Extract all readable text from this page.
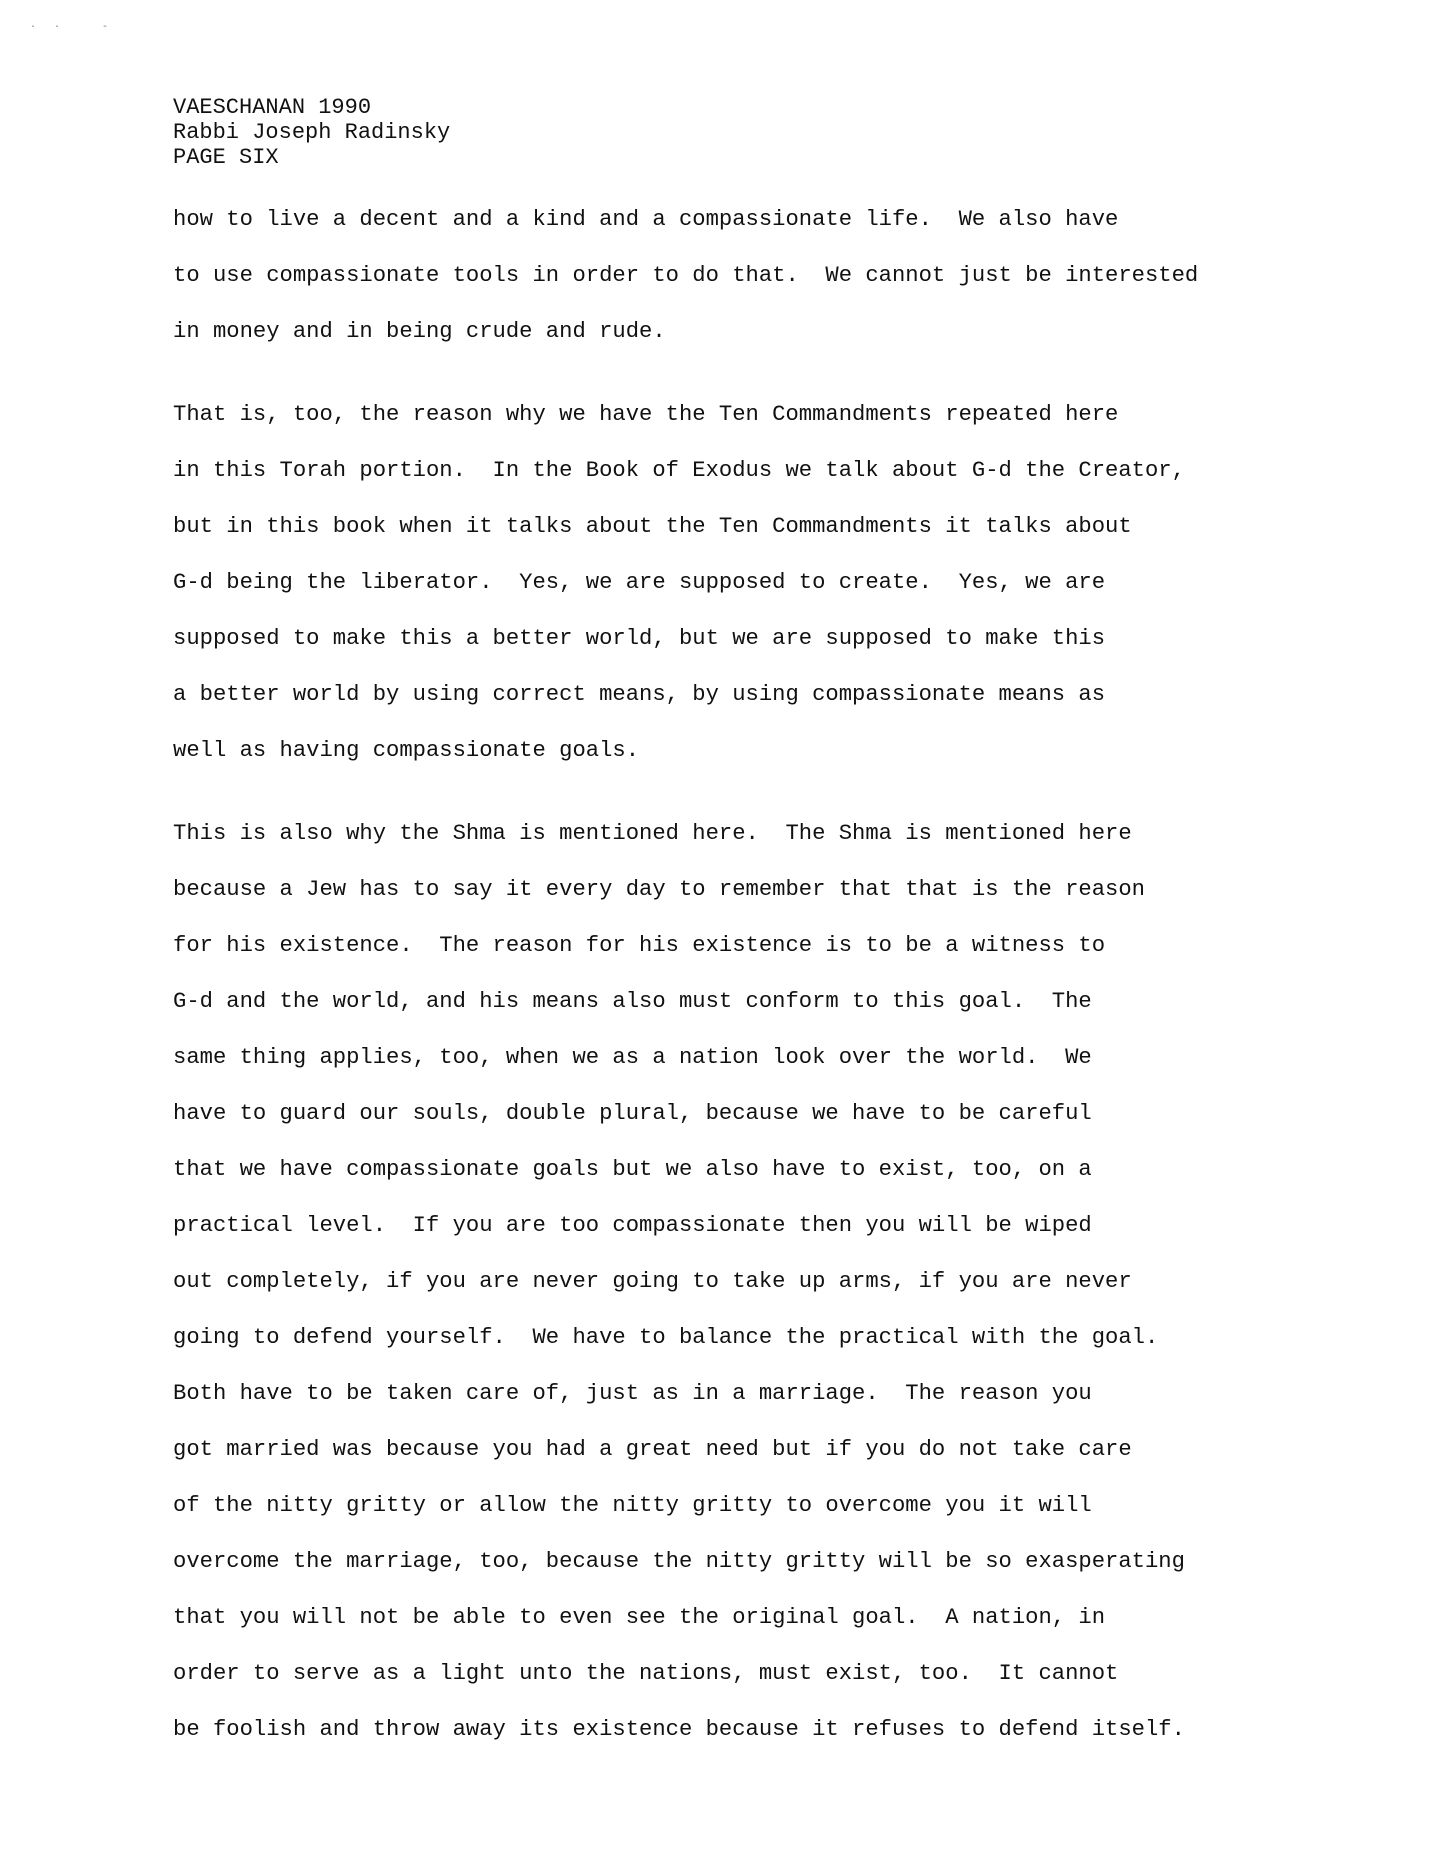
· ·   -
VAESCHANAN 1990
Rabbi Joseph Radinsky
PAGE SIX
how to live a decent and a kind and a compassionate life.  We also have
to use compassionate tools in order to do that.  We cannot just be interested
in money and in being crude and rude.
That is, too, the reason why we have the Ten Commandments repeated here
in this Torah portion.  In the Book of Exodus we talk about G-d the Creator,
but in this book when it talks about the Ten Commandments it talks about
G-d being the liberator.  Yes, we are supposed to create.  Yes, we are
supposed to make this a better world, but we are supposed to make this
a better world by using correct means, by using compassionate means as
well as having compassionate goals.
This is also why the Shma is mentioned here.  The Shma is mentioned here
because a Jew has to say it every day to remember that that is the reason
for his existence.  The reason for his existence is to be a witness to
G-d and the world, and his means also must conform to this goal.  The
same thing applies, too, when we as a nation look over the world.  We
have to guard our souls, double plural, because we have to be careful
that we have compassionate goals but we also have to exist, too, on a
practical level.  If you are too compassionate then you will be wiped
out completely, if you are never going to take up arms, if you are never
going to defend yourself.  We have to balance the practical with the goal.
Both have to be taken care of, just as in a marriage.  The reason you
got married was because you had a great need but if you do not take care
of the nitty gritty or allow the nitty gritty to overcome you it will
overcome the marriage, too, because the nitty gritty will be so exasperating
that you will not be able to even see the original goal.  A nation, in
order to serve as a light unto the nations, must exist, too.  It cannot
be foolish and throw away its existence because it refuses to defend itself.
